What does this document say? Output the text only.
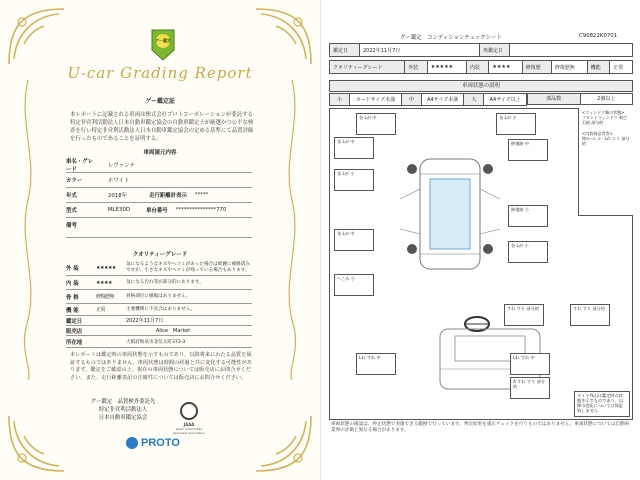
グー鑑定
U-car Grading Report
グー鑑定証
本レポートに記載される車両は株式会社プロトコーポレーションが委託する特定非営利活動法人日本自動車鑑定協会の自動車鑑定士が厳選かつ公平な検査を行い特定非営利活動法人日本自動車鑑定協会の定める基準にて品質評価を行ったものであることを証明する。
車両諸元内容
車名・グレード
レヴァンテ
カラー	ホワイト
年式	2018年	走行距離計表示 *****
型式	MLE30D	車台番号 ***************770
備考
クオリティーグレード
外 装	★★★★★
気になるようなキズやヘコミがあった場合は綺麗に補修済みですが、小さなキズやヘコミが残っている場合もあります。
内 装	★★★★	気になる汚れ等が部分的にあります。
骨 格	修復歴無	骨格部位に損傷はありません。
機 能	正常	主要機関に不具合はありません。
鑑定日	2022年11月7日
販売店	Alice　Market
所在地	大阪府和泉市北信太町373-3
本レポートは鑑定時の車両状態を示すものであり、以降将来にわたる品質を保証するものではありません。車両状態は時間の経過と共に変化する可能性があります。鑑定をご確認の上、現在の車両状態については販売店にお問合せください。また、走行距離表記の正確性については販売店にお問合せください。
グー鑑定　品質検査委託先
特定非営利活動法人
日本自動車鑑定協会
JAAA
Japan Automobile Appraisal Association
PROTO
グー鑑定　コンディションチェックシート	C90822K0701
鑑定日	2022年11月7日	再鑑定日	
クオリティーグレード	外装	★★★★★	内装	★★★★	修復歴	修復歴無	機能	正常
車両状態の説明
小	カードサイズ未満	中	A4サイズ未満	大	A4サイズ以上	部品数	2個以上
各 Lが 中	各 Lが 小
各 Lが 中
各 Lが 小
修復跡 中
修復跡 小
各 Lが 中
各 Lが 小
へこみ 小
すれ すり 部分的	すれ すり 部分的
Lれ すれ 中	Lれ すれ 中
A すれ すり 部分的
タイヤ残山は鑑定時の状態を示すものであり、以降の変化については保証致しません
<ウィンドウ類の状態>
フロントウィンドウ 飛び石痕 部分的

<内装商品者等>
物か･ル ル･ Lれ スリ 部分的
車両状態の確認は、停止状態で実施できる範囲で行っています。判定結果を適正チェックを行うものではありません。車両状態については自動車業界の評価と異なる場合があります。
